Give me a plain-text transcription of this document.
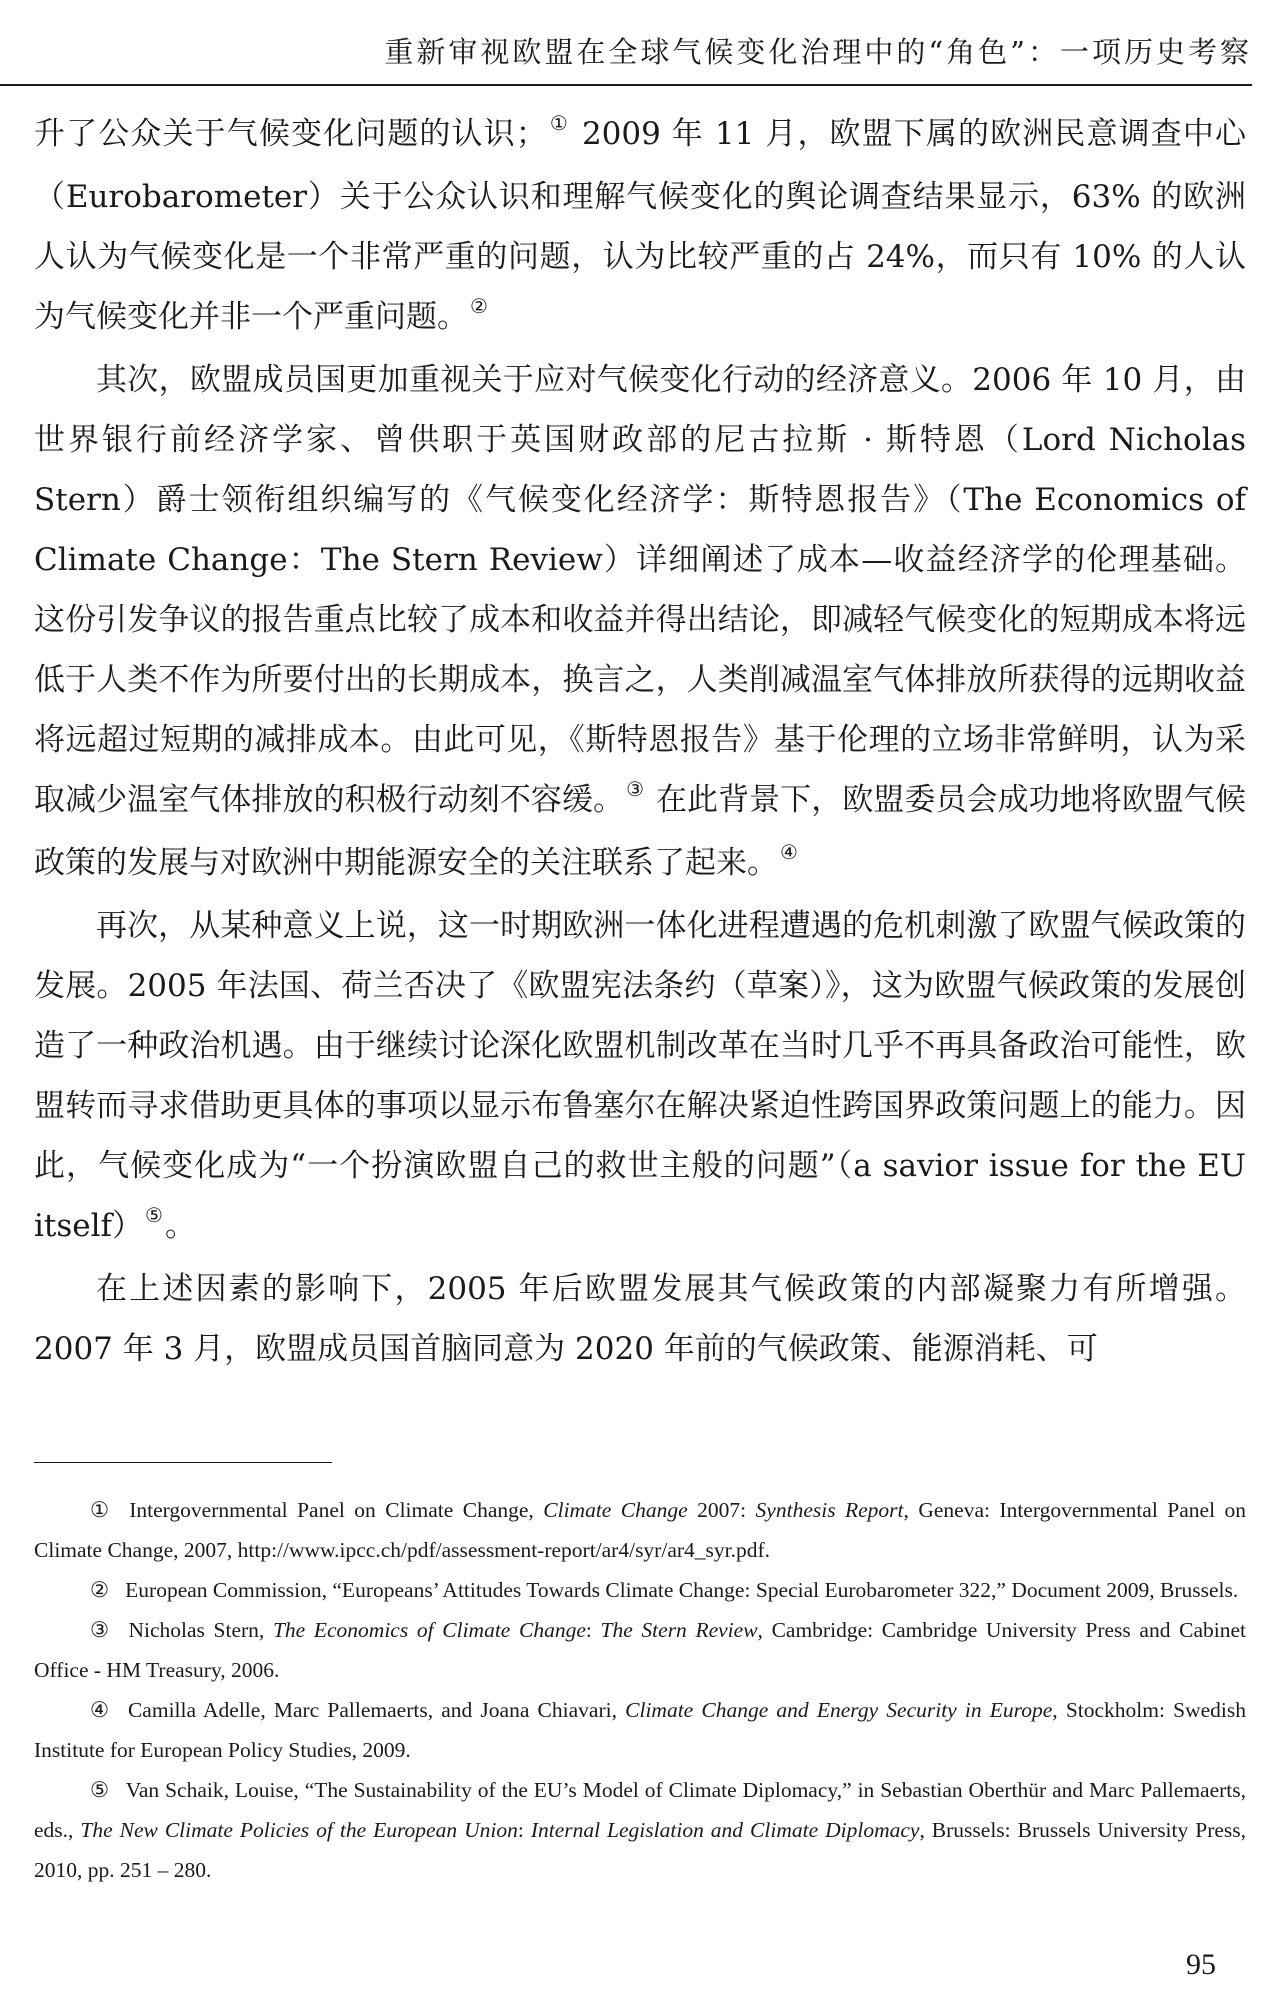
重新审视欧盟在全球气候变化治理中的“角色”：一项历史考察

升了公众关于气候变化问题的认识； ① 2009 年 11 月，欧盟下属的欧洲民意调查中心（Eurobarometer）关于公众认识和理解气候变化的舆论调查结果显示，63% 的欧洲人认为气候变化是一个非常严重的问题，认为比较严重的占 24%，而只有 10% 的人认为气候变化并非一个严重问题。 ②

其次，欧盟成员国更加重视关于应对气候变化行动的经济意义。2006 年 10 月，由世界银行前经济学家、曾供职于英国财政部的尼古拉斯 · 斯特恩（Lord Nicholas Stern）爵士领衔组织编写的《气候变化经济学：斯特恩报告》（The Economics of Climate Change：The Stern Review）详细阐述了成本—收益经济学的伦理基础。这份引发争议的报告重点比较了成本和收益并得出结论，即减轻气候变化的短期成本将远低于人类不作为所要付出的长期成本，换言之，人类削减温室气体排放所获得的远期收益将远超过短期的减排成本。由此可见，《斯特恩报告》基于伦理的立场非常鲜明，认为采取减少温室气体排放的积极行动刻不容缓。 ③ 在此背景下，欧盟委员会成功地将欧盟气候政策的发展与对欧洲中期能源安全的关注联系了起来。 ④

再次，从某种意义上说，这一时期欧洲一体化进程遭遇的危机刺激了欧盟气候政策的发展。2005 年法国、荷兰否决了《欧盟宪法条约（草案）》，这为欧盟气候政策的发展创造了一种政治机遇。由于继续讨论深化欧盟机制改革在当时几乎不再具备政治可能性，欧盟转而寻求借助更具体的事项以显示布鲁塞尔在解决紧迫性跨国界政策问题上的能力。因此，气候变化成为“一个扮演欧盟自己的救世主般的问题”（a savior issue for the EU itself） ⑤。

在上述因素的影响下，2005 年后欧盟发展其气候政策的内部凝聚力有所增强。2007 年 3 月，欧盟成员国首脑同意为 2020 年前的气候政策、能源消耗、可

① Intergovernmental Panel on Climate Change, Climate Change 2007: Synthesis Report, Geneva: Intergovernmental Panel on Climate Change, 2007, http://www.ipcc.ch/pdf/assessment-report/ar4/syr/ar4_syr.pdf.

② European Commission, “Europeans’ Attitudes Towards Climate Change: Special Eurobarometer 322,” Document 2009, Brussels.

③ Nicholas Stern, The Economics of Climate Change: The Stern Review, Cambridge: Cambridge University Press and Cabinet Office - HM Treasury, 2006.

④ Camilla Adelle, Marc Pallemaerts, and Joana Chiavari, Climate Change and Energy Security in Europe, Stockholm: Swedish Institute for European Policy Studies, 2009.

⑤ Van Schaik, Louise, “The Sustainability of the EU’s Model of Climate Diplomacy,” in Sebastian Oberthür and Marc Pallemaerts, eds., The New Climate Policies of the European Union: Internal Legislation and Climate Diplomacy, Brussels: Brussels University Press, 2010, pp. 251 – 280.

95
